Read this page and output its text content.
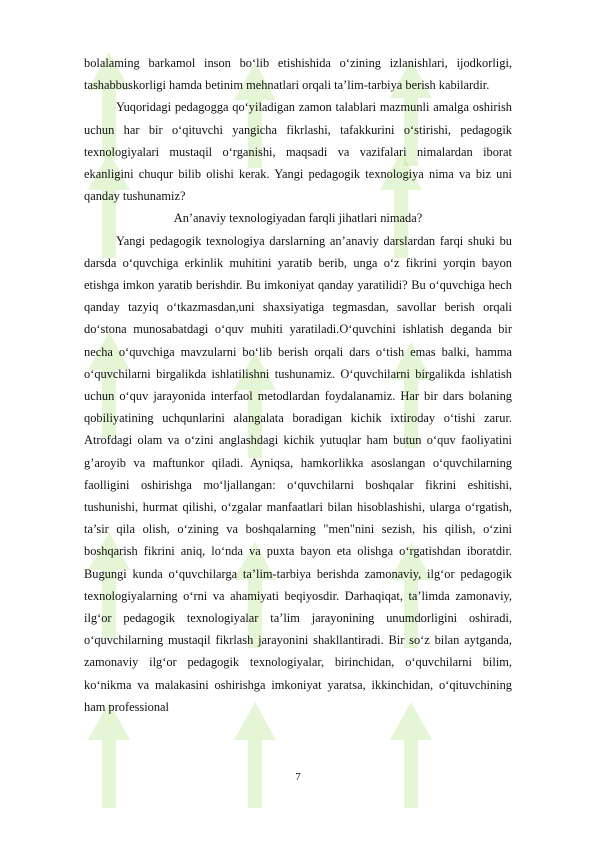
bolalaming barkamol inson bo‘lib etishishida o‘zining izlanishlari, ijodkorligi, tashabbuskorligi hamda betinim mehnatlari orqali ta’lim-tarbiya berish kabilardir.

Yuqoridagi pedagogga qo‘yiladigan zamon talablari mazmunli amalga oshirish uchun har bir o‘qituvchi yangicha fikrlashi, tafakkurini o‘stirishi, pedagogik texnologiyalari mustaqil o‘rganishi, maqsadi va vazifalari nimalardan iborat ekanligini chuqur bilib olishi kerak. Yangi pedagogik texnologiya nima va biz uni qanday tushunamiz?

An’anaviy texnologiyadan farqli jihatlari nimada?

Yangi pedagogik texnologiya darslarning an’anaviy darslardan farqi shuki bu darsda o‘quvchiga erkinlik muhitini yaratib berib, unga o‘z fikrini yorqin bayon etishga imkon yaratib berishdir. Bu imkoniyat qanday yaratilidi? Bu o‘quvchiga hech qanday tazyiq o‘tkazmasdan,uni shaxsiyatiga tegmasdan, savollar berish orqali do‘stona munosabatdagi o‘quv muhiti yaratiladi.O‘quvchini ishlatish deganda bir necha o‘quvchiga mavzularni bo‘lib berish orqali dars o‘tish emas balki, hamma o‘quvchilarni birgalikda ishlatilishni tushunamiz. O‘quvchilarni birgalikda ishlatish uchun o‘quv jarayonida interfaol metodlardan foydalanamiz. Har bir dars bolaning qobiliyatining uchqunlarini alangalata boradigan kichik ixtiroday o‘tishi zarur. Atrofdagi olam va o‘zini anglashdagi kichik yutuqlar ham butun o‘quv faoliyatini g’aroyib va maftunkor qiladi. Ayniqsa, hamkorlikka asoslangan o‘quvchilarning faolligini oshirishga mo‘ljallangan: o‘quvchilarni boshqalar fikrini eshitishi, tushunishi, hurmat qilishi, o‘zgalar manfaatlari bilan hisoblashishi, ularga o‘rgatish, ta’sir qila olish, o‘zining va boshqalarning "men"nini sezish, his qilish, o‘zini boshqarish fikrini aniq, lo‘nda va puxta bayon eta olishga o‘rgatishdan iboratdir. Bugungi kunda o‘quvchilarga ta’lim-tarbiya berishda zamonaviy, ilg‘or pedagogik texnologiyalarning o‘rni va ahamiyati beqiyosdir. Darhaqiqat, ta’limda zamonaviy, ilg‘or pedagogik texnologiyalar ta’lim jarayonining unumdorligini oshiradi, o‘quvchilarning mustaqil fikrlash jarayonini shakllantiradi. Bir so‘z bilan aytganda, zamonaviy ilg‘or pedagogik texnologiyalar, birinchidan, o‘quvchilarni bilim, ko‘nikma va malakasini oshirishga imkoniyat yaratsa, ikkinchidan, o‘qituvchining ham professional

7
